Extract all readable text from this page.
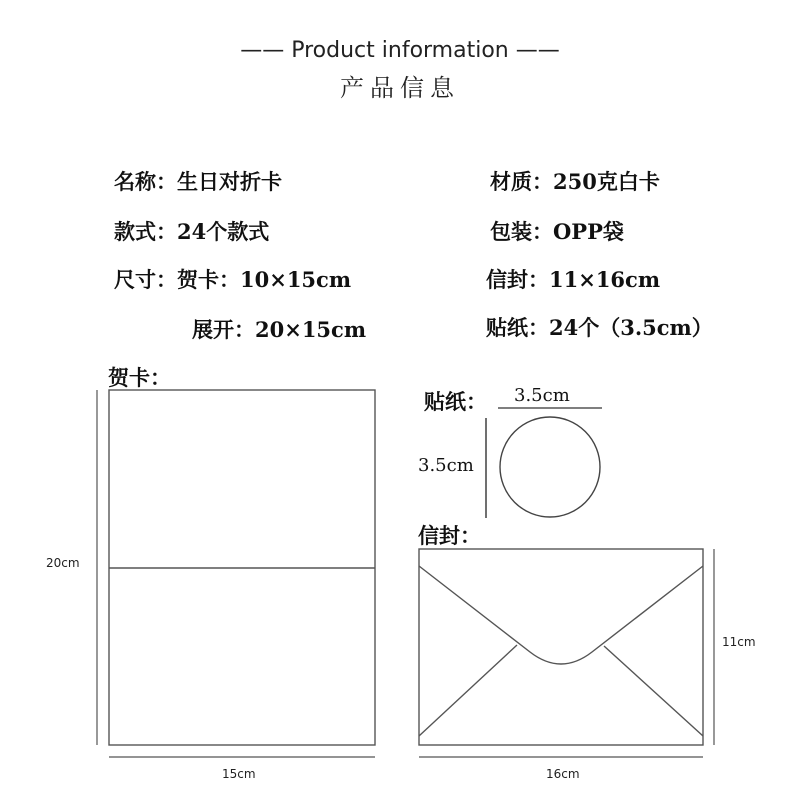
—— Product information ——
产品信息
名称：生日对折卡	材质：250克白卡
款式：24个款式	包装：OPP袋
尺寸：贺卡：10×15cm	信封：11×16cm
展开：20×15cm	贴纸：24个（3.5cm）
贺卡：
20cm
15cm
贴纸： 3.5cm
3.5cm
信封：
11cm
16cm
